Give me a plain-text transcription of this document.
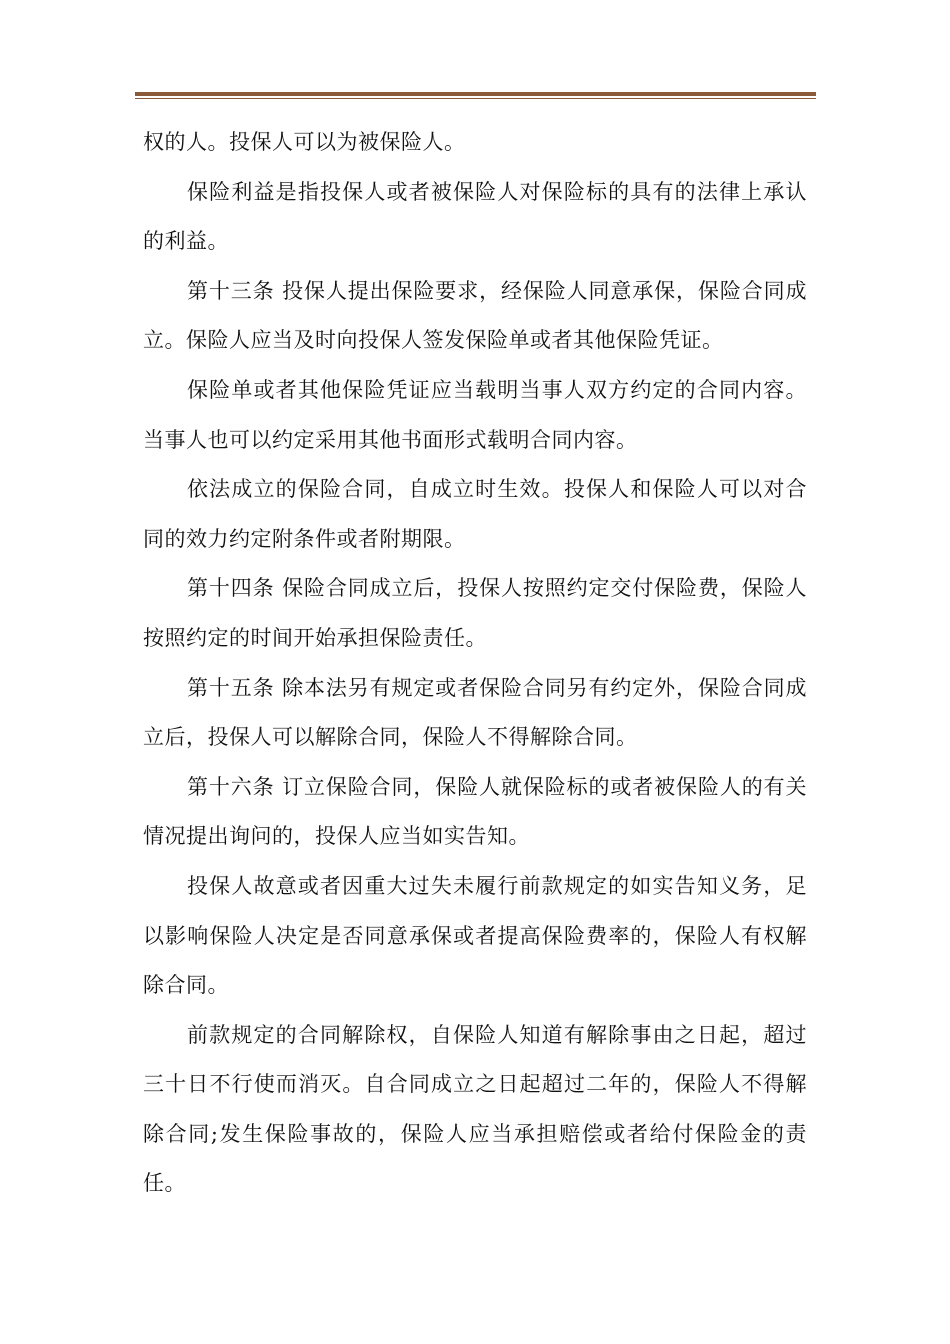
权的人。投保人可以为被保险人。

保险利益是指投保人或者被保险人对保险标的具有的法律上承认的利益。

第十三条 投保人提出保险要求，经保险人同意承保，保险合同成立。保险人应当及时向投保人签发保险单或者其他保险凭证。

保险单或者其他保险凭证应当载明当事人双方约定的合同内容。当事人也可以约定采用其他书面形式载明合同内容。

依法成立的保险合同，自成立时生效。投保人和保险人可以对合同的效力约定附条件或者附期限。

第十四条 保险合同成立后，投保人按照约定交付保险费，保险人按照约定的时间开始承担保险责任。

第十五条 除本法另有规定或者保险合同另有约定外，保险合同成立后，投保人可以解除合同，保险人不得解除合同。

第十六条 订立保险合同，保险人就保险标的或者被保险人的有关情况提出询问的，投保人应当如实告知。

投保人故意或者因重大过失未履行前款规定的如实告知义务，足以影响保险人决定是否同意承保或者提高保险费率的，保险人有权解除合同。

前款规定的合同解除权，自保险人知道有解除事由之日起，超过三十日不行使而消灭。自合同成立之日起超过二年的，保险人不得解除合同;发生保险事故的，保险人应当承担赔偿或者给付保险金的责任。
